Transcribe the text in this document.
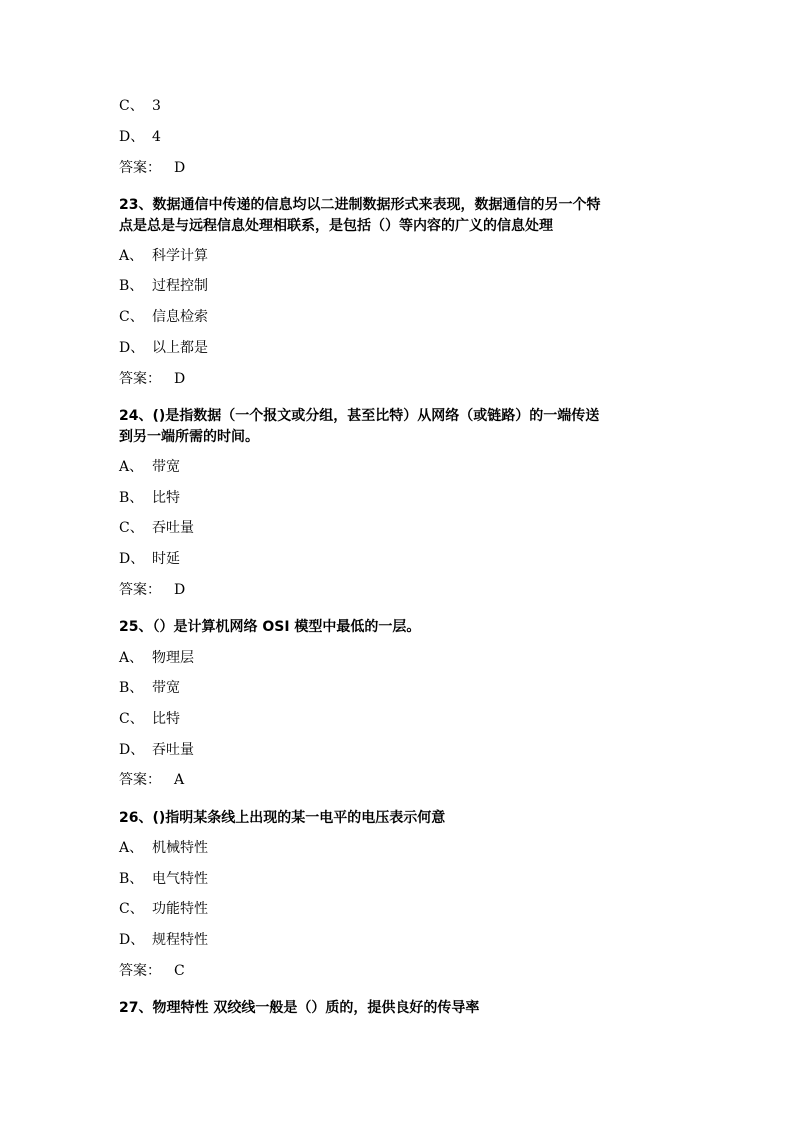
C、 3
D、 4
答案： D
23、数据通信中传递的信息均以二进制数据形式来表现，数据通信的另一个特
点是总是与远程信息处理相联系，是包括（）等内容的广义的信息处理
A、 科学计算
B、 过程控制
C、 信息检索
D、 以上都是
答案： D
24、()是指数据（一个报文或分组，甚至比特）从网络（或链路）的一端传送
到另一端所需的时间。
A、 带宽
B、 比特
C、 吞吐量
D、 时延
答案： D
25、（）是计算机网络 OSI 模型中最低的一层。
A、 物理层
B、 带宽
C、 比特
D、 吞吐量
答案： A
26、()指明某条线上出现的某一电平的电压表示何意
A、 机械特性
B、 电气特性
C、 功能特性
D、 规程特性
答案： C
27、物理特性 双绞线一般是（）质的，提供良好的传导率
